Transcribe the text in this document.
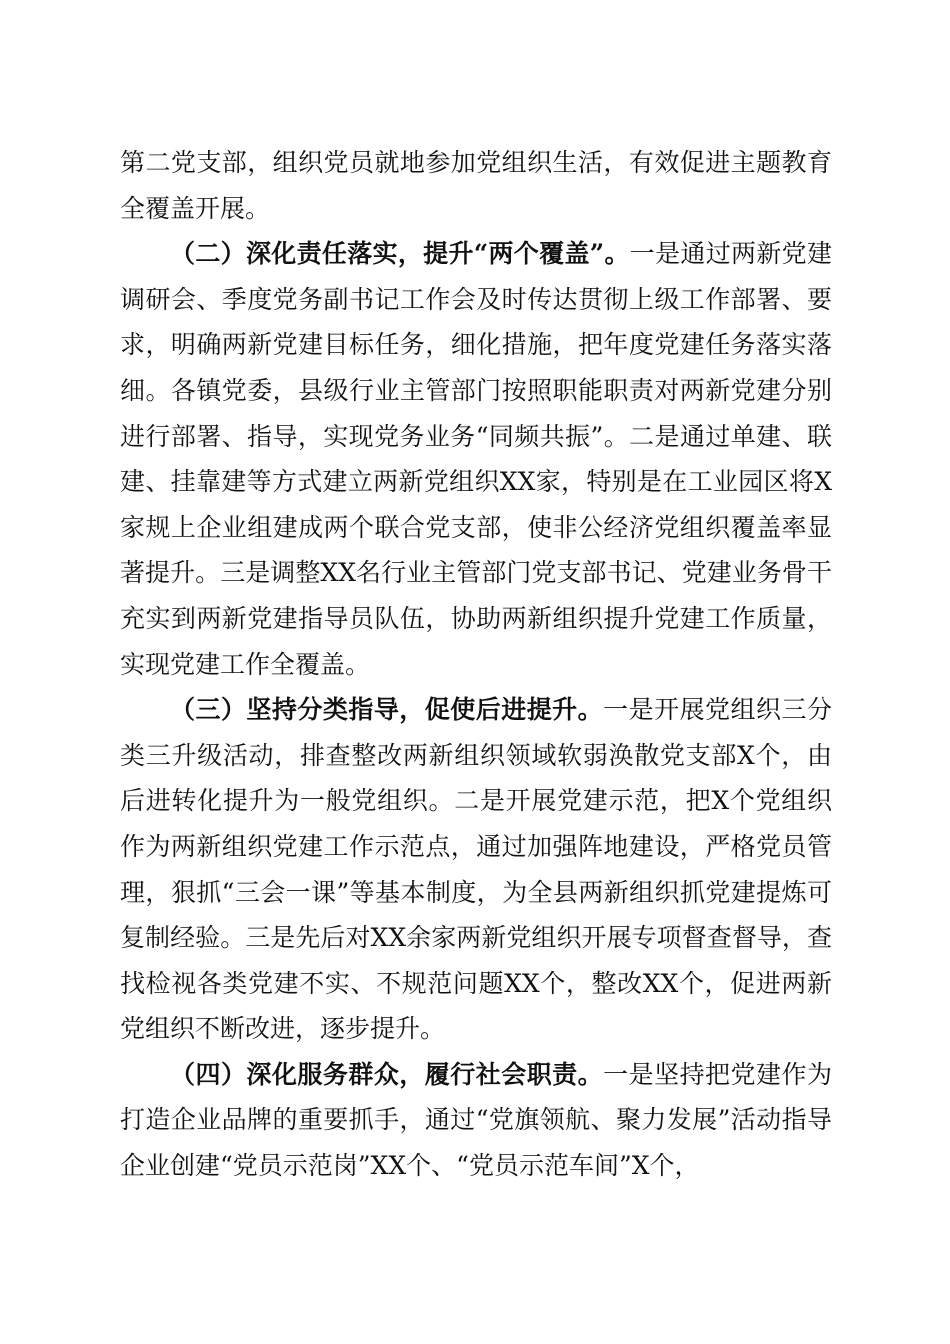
第二党支部，组织党员就地参加党组织生活，有效促进主题教育全覆盖开展。

（二）深化责任落实，提升“两个覆盖”。一是通过两新党建调研会、季度党务副书记工作会及时传达贯彻上级工作部署、要求，明确两新党建目标任务，细化措施，把年度党建任务落实落细。各镇党委，县级行业主管部门按照职能职责对两新党建分别进行部署、指导，实现党务业务“同频共振”。二是通过单建、联建、挂靠建等方式建立两新党组织XX家，特别是在工业园区将X家规上企业组建成两个联合党支部，使非公经济党组织覆盖率显著提升。三是调整XX名行业主管部门党支部书记、党建业务骨干充实到两新党建指导员队伍，协助两新组织提升党建工作质量，实现党建工作全覆盖。

（三）坚持分类指导，促使后进提升。一是开展党组织三分类三升级活动，排查整改两新组织领域软弱涣散党支部X个，由后进转化提升为一般党组织。二是开展党建示范，把X个党组织作为两新组织党建工作示范点，通过加强阵地建设，严格党员管理，狠抓“三会一课”等基本制度，为全县两新组织抓党建提炼可复制经验。三是先后对XX余家两新党组织开展专项督查督导，查找检视各类党建不实、不规范问题XX个，整改XX个，促进两新党组织不断改进，逐步提升。

（四）深化服务群众，履行社会职责。一是坚持把党建作为打造企业品牌的重要抓手，通过“党旗领航、聚力发展”活动指导企业创建“党员示范岗”XX个、“党员示范车间”X个，
